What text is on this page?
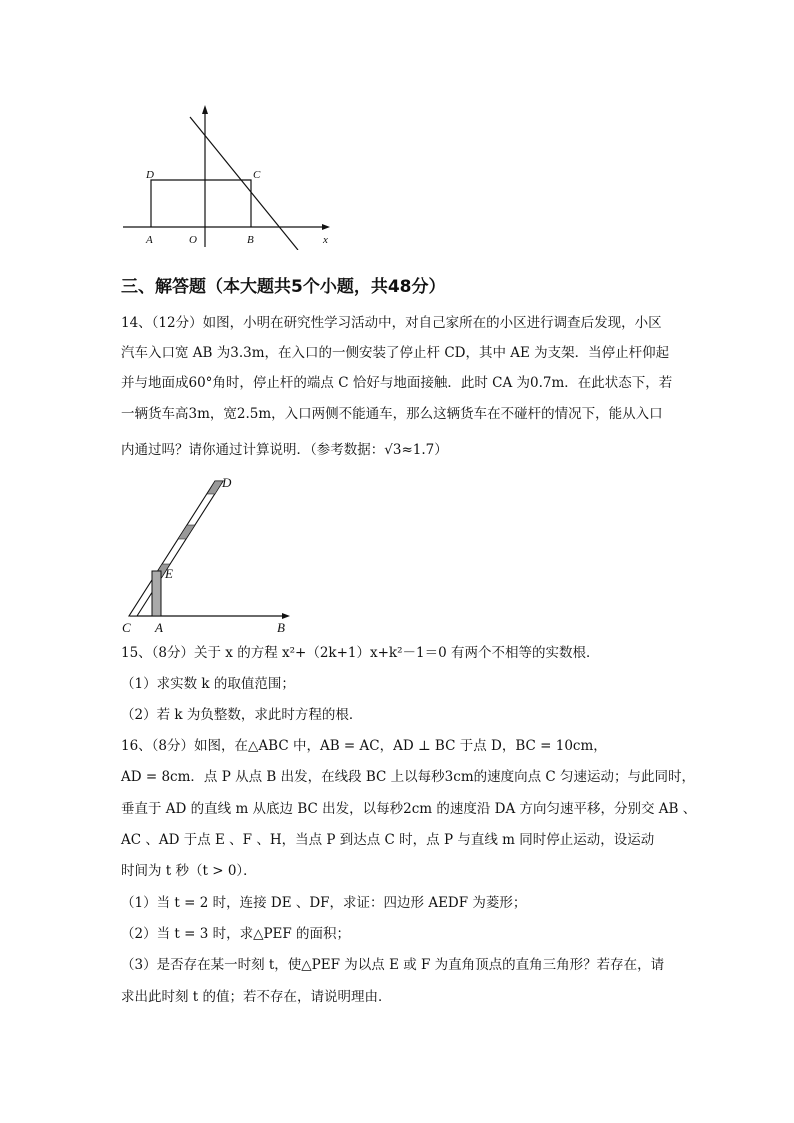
D	C
A	O	B	x
三、解答题（本大题共5个小题，共48分）
14、（12分）如图，小明在研究性学习活动中，对自己家所在的小区进行调查后发现，小区
汽车入口宽 AB 为3.3m，在入口的一侧安装了停止杆 CD，其中 AE 为支架．当停止杆仰起
并与地面成60°角时，停止杆的端点 C 恰好与地面接触．此时 CA 为0.7m．在此状态下，若
一辆货车高3m，宽2.5m，入口两侧不能通车，那么这辆货车在不碰杆的情况下，能从入口
内通过吗？请你通过计算说明．（参考数据：√3≈1.7）
D
E
C A	B
15、（8分）关于 x 的方程 x²+（2k+1）x+k²－1＝0 有两个不相等的实数根．
（1）求实数 k 的取值范围；
（2）若 k 为负整数，求此时方程的根．
16、（8分）如图，在△ABC 中，AB = AC，AD ⊥ BC 于点 D，BC = 10cm，
AD = 8cm．点 P 从点 B 出发，在线段 BC 上以每秒3cm的速度向点 C 匀速运动；与此同时，
垂直于 AD 的直线 m 从底边 BC 出发，以每秒2cm 的速度沿 DA 方向匀速平移，分别交 AB 、
AC 、AD 于点 E 、F 、H，当点 P 到达点 C 时，点 P 与直线 m 同时停止运动，设运动
时间为 t 秒（t > 0）．
（1）当 t = 2 时，连接 DE 、DF，求证：四边形 AEDF 为菱形；
（2）当 t = 3 时，求△PEF 的面积；
（3）是否存在某一时刻 t，使△PEF 为以点 E 或 F 为直角顶点的直角三角形？若存在，请
求出此时刻 t 的值；若不存在，请说明理由．
